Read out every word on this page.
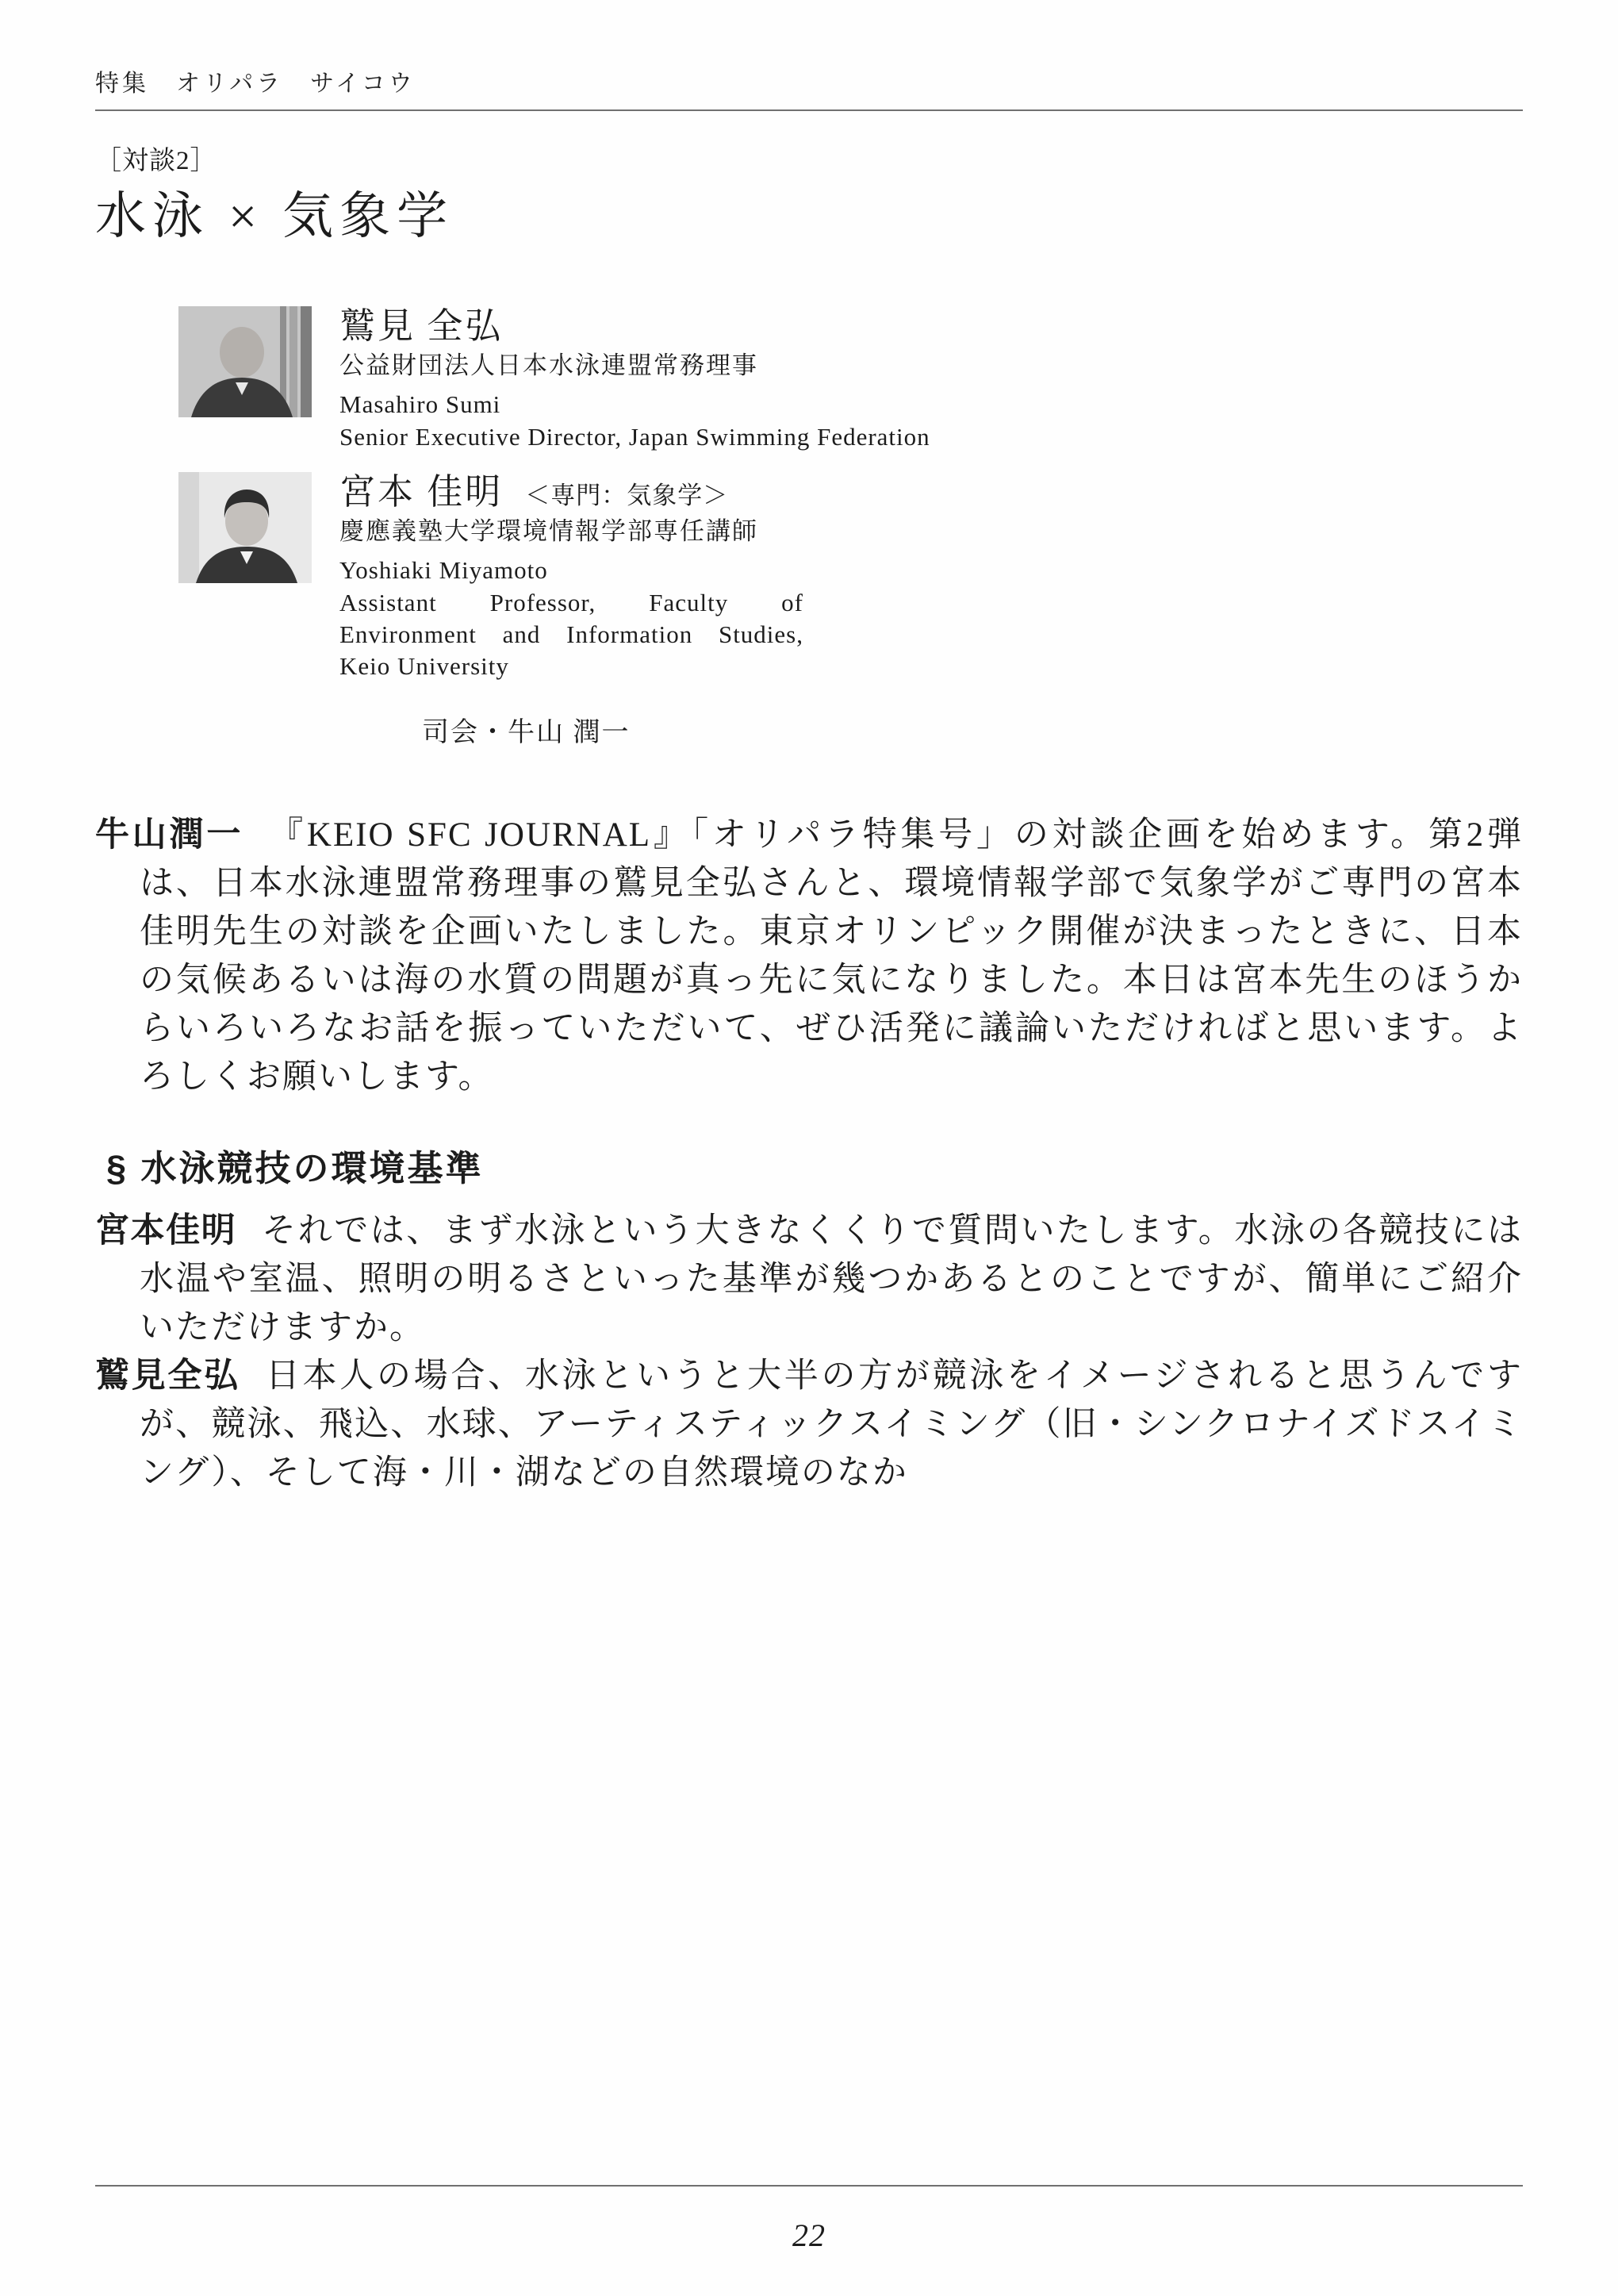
特集　オリパラ　サイコウ
［対談2］
水泳 × 気象学
鷲見 全弘
公益財団法人日本水泳連盟常務理事
Masahiro Sumi
Senior Executive Director, Japan Swimming Federation
宮本 佳明 ＜専門：気象学＞
慶應義塾大学環境情報学部専任講師
Yoshiaki Miyamoto
Assistant Professor, Faculty of Environment and Information Studies, Keio University
司会・牛山 潤一

牛山潤一 『KEIO SFC JOURNAL』「オリパラ特集号」の対談企画を始めます。第2弾は、日本水泳連盟常務理事の鷲見全弘さんと、環境情報学部で気象学がご専門の宮本佳明先生の対談を企画いたしました。東京オリンピック開催が決まったときに、日本の気候あるいは海の水質の問題が真っ先に気になりました。本日は宮本先生のほうからいろいろなお話を振っていただいて、ぜひ活発に議論いただければと思います。よろしくお願いします。

§ 水泳競技の環境基準

宮本佳明 それでは、まず水泳という大きなくくりで質問いたします。水泳の各競技には水温や室温、照明の明るさといった基準が幾つかあるとのことですが、簡単にご紹介いただけますか。

鷲見全弘 日本人の場合、水泳というと大半の方が競泳をイメージされると思うんですが、競泳、飛込、水球、アーティスティックスイミング（旧・シンクロナイズドスイミング）、そして海・川・湖などの自然環境のなか

22
